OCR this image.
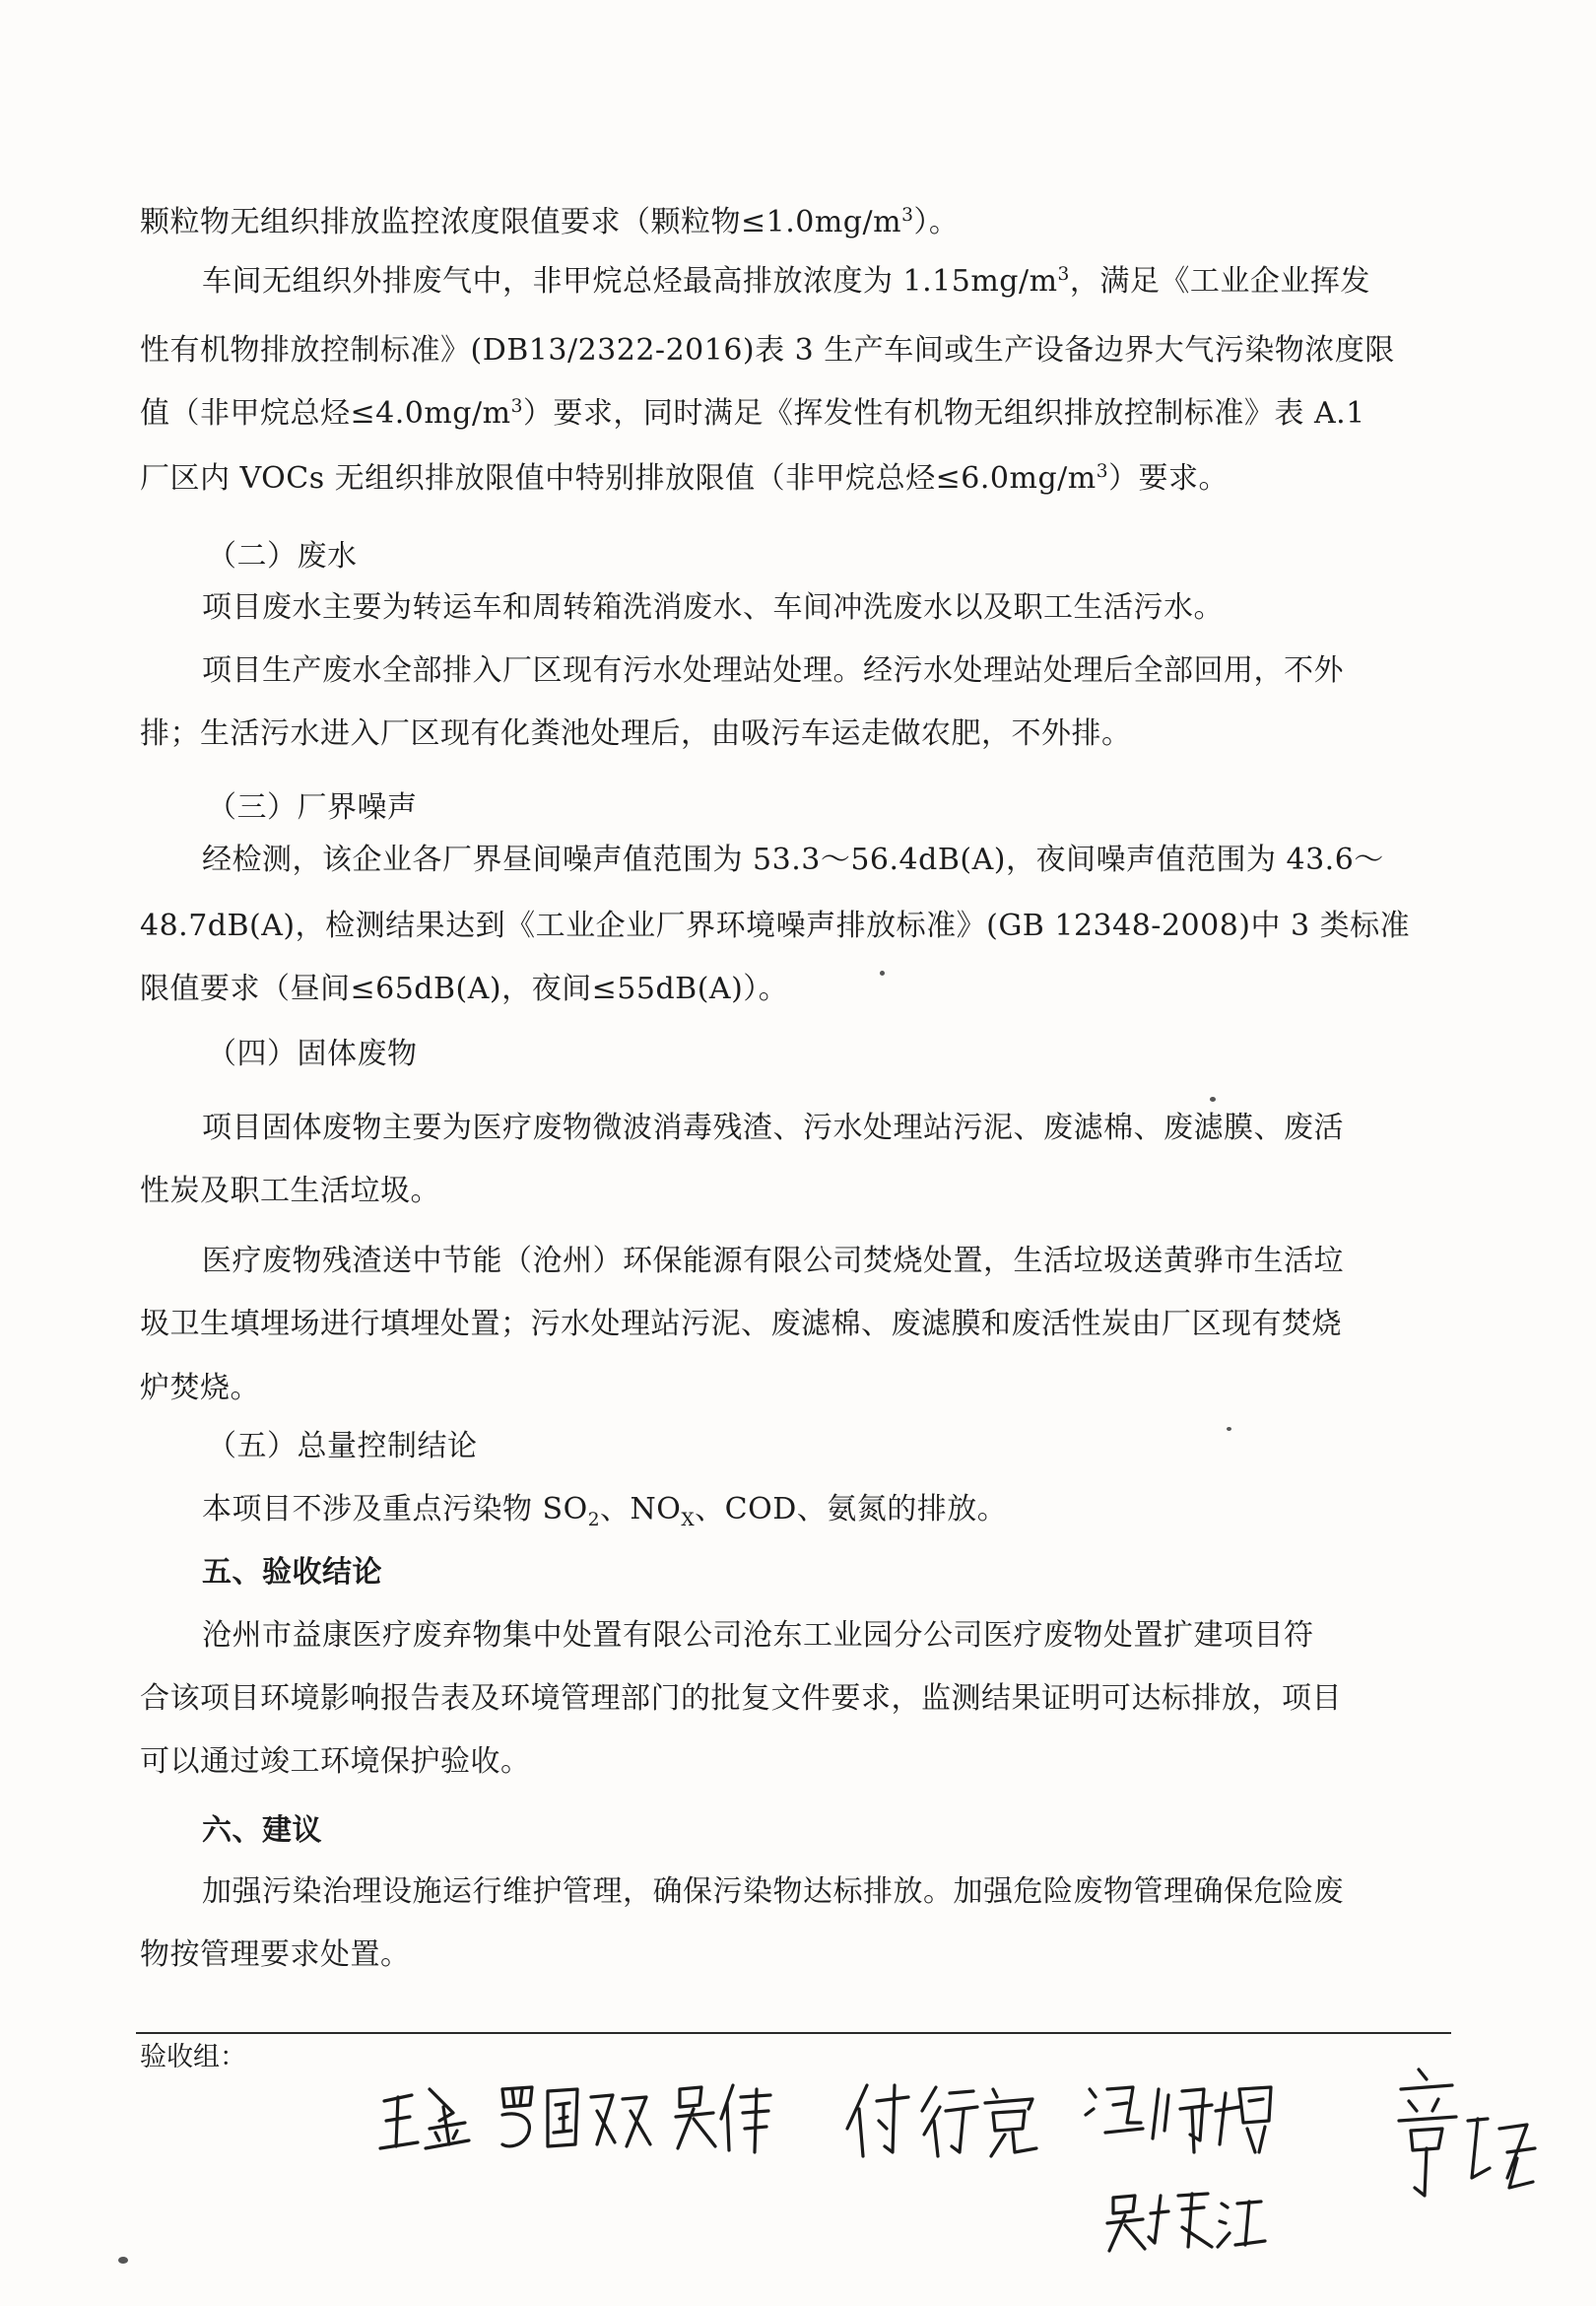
颗粒物无组织排放监控浓度限值要求（颗粒物$\le 1.0mg/m^3$）。
车间无组织外排废气中，非甲烷总烃最高排放浓度为 $1.15mg/m^3$，满足《工业企业挥发
性有机物排放控制标准》(DB13/2322-2016)表 3 生产车间或生产设备边界大气污染物浓度限
值（非甲烷总烃$\le 4.0mg/m^3$）要求，同时满足《挥发性有机物无组织排放控制标准》表 A.1
厂区内 VOCs 无组织排放限值中特别排放限值（非甲烷总烃$\le 6.0mg/m^3$）要求。
（二）废水
项目废水主要为转运车和周转箱洗消废水、车间冲洗废水以及职工生活污水。
项目生产废水全部排入厂区现有污水处理站处理。经污水处理站处理后全部回用，不外
排；生活污水进入厂区现有化粪池处理后，由吸污车运走做农肥，不外排。
（三）厂界噪声
经检测，该企业各厂界昼间噪声值范围为 53.3～56.4dB(A)，夜间噪声值范围为 43.6～
48.7dB(A)，检测结果达到《工业企业厂界环境噪声排放标准》(GB 12348-2008)中 3 类标准
限值要求（昼间≤65dB(A)，夜间≤55dB(A)）。
（四）固体废物
项目固体废物主要为医疗废物微波消毒残渣、污水处理站污泥、废滤棉、废滤膜、废活
性炭及职工生活垃圾。
医疗废物残渣送中节能（沧州）环保能源有限公司焚烧处置，生活垃圾送黄骅市生活垃
圾卫生填埋场进行填埋处置；污水处理站污泥、废滤棉、废滤膜和废活性炭由厂区现有焚烧
炉焚烧。
（五）总量控制结论
本项目不涉及重点污染物 $SO_2$、$NO_X$、COD、氨氮的排放。
五、验收结论
沧州市益康医疗废弃物集中处置有限公司沧东工业园分公司医疗废物处置扩建项目符
合该项目环境影响报告表及环境管理部门的批复文件要求，监测结果证明可达标排放，项目
可以通过竣工环境保护验收。
六、建议
加强污染治理设施运行维护管理，确保污染物达标排放。加强危险废物管理确保危险废
物按管理要求处置。
验收组：
